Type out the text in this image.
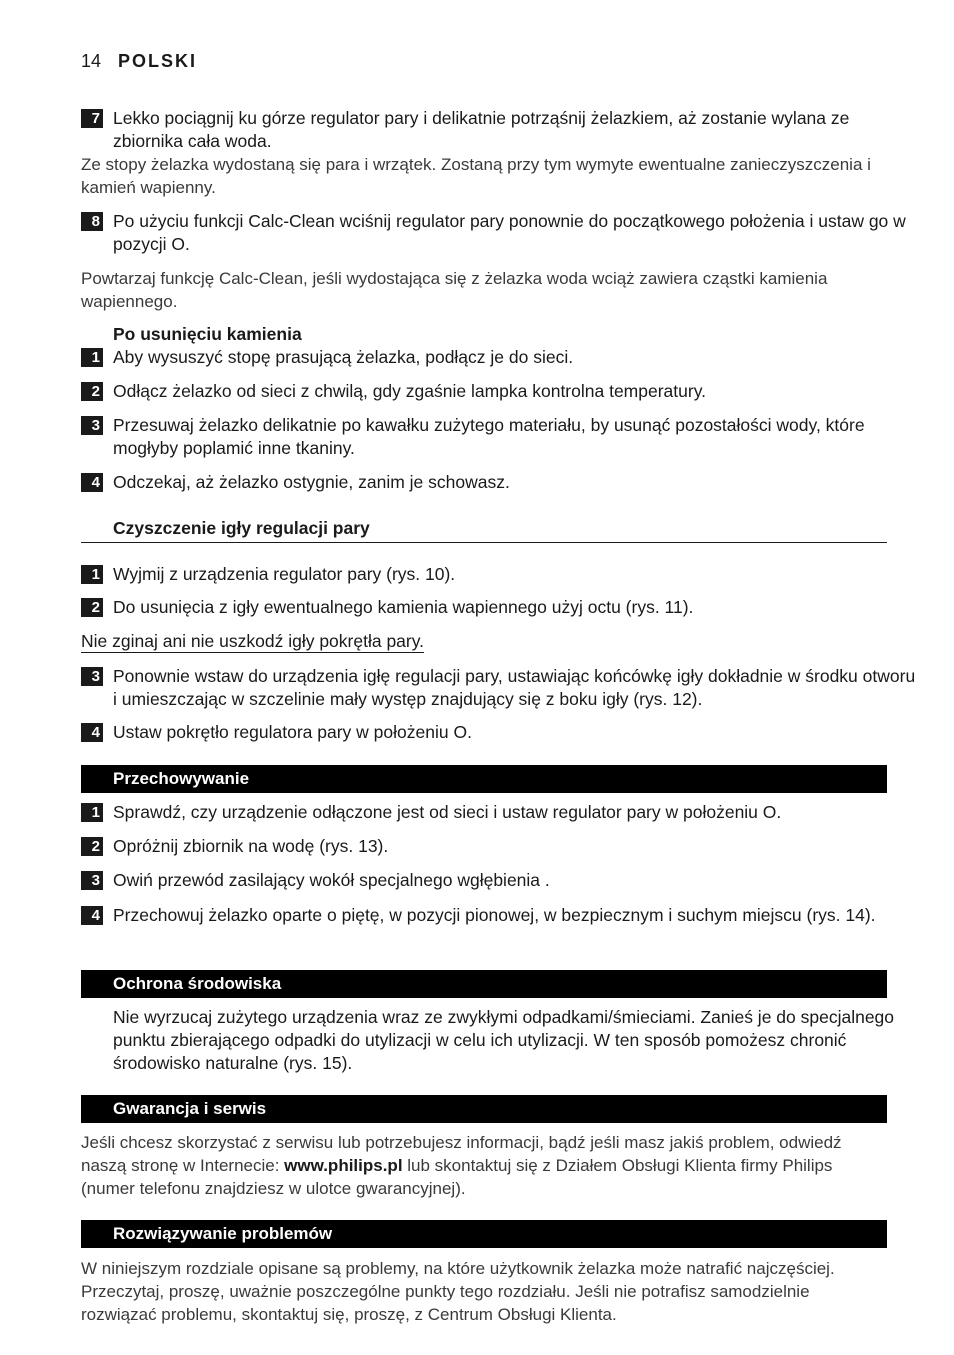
14 POLSKI
7 Lekko pociągnij ku górze regulator pary i delikatnie potrząśnij żelazkiem, aż zostanie wylana ze zbiornika cała woda.
Ze stopy żelazka wydostaną się para i wrzątek. Zostaną przy tym wymyte ewentualne zanieczyszczenia i kamień wapienny.
8 Po użyciu funkcji Calc-Clean wciśnij regulator pary ponownie do początkowego położenia i ustaw go w pozycji O.
Powtarzaj funkcję Calc-Clean, jeśli wydostająca się z żelazka woda wciąż zawiera cząstki kamienia wapiennego.
Po usunięciu kamienia
1 Aby wysuszyć stopę prasującą żelazka, podłącz je do sieci.
2 Odłącz żelazko od sieci z chwilą, gdy zgaśnie lampka kontrolna temperatury.
3 Przesuwaj żelazko delikatnie po kawałku zużytego materiału, by usunąć pozostałości wody, które mogłyby poplamić inne tkaniny.
4 Odczekaj, aż żelazko ostygnie, zanim je schowasz.
Czyszczenie igły regulacji pary
1 Wyjmij z urządzenia regulator pary (rys. 10).
2 Do usunięcia z igły ewentualnego kamienia wapiennego użyj octu (rys. 11).
Nie zginaj ani nie uszkodź igły pokrętła pary.
3 Ponownie wstaw do urządzenia igłę regulacji pary, ustawiając końcówkę igły dokładnie w środku otworu i umieszczając w szczelinie mały występ znajdujący się z boku igły (rys. 12).
4 Ustaw pokrętło regulatora pary w położeniu O.
Przechowywanie
1 Sprawdź, czy urządzenie odłączone jest od sieci i ustaw regulator pary w położeniu O.
2 Opróżnij zbiornik na wodę (rys. 13).
3 Owiń przewód zasilający wokół specjalnego wgłębienia .
4 Przechowuj żelazko oparte o piętę, w pozycji pionowej, w bezpiecznym i suchym miejscu (rys. 14).
Ochrona środowiska
Nie wyrzucaj zużytego urządzenia wraz ze zwykłymi odpadkami/śmieciami. Zanieś je do specjalnego punktu zbierającego odpadki do utylizacji w celu ich utylizacji. W ten sposób pomożesz chronić środowisko naturalne (rys. 15).
Gwarancja i serwis
Jeśli chcesz skorzystać z serwisu lub potrzebujesz informacji, bądź jeśli masz jakiś problem, odwiedź naszą stronę w Internecie: www.philips.pl lub skontaktuj się z Działem Obsługi Klienta firmy Philips (numer telefonu znajdziesz w ulotce gwarancyjnej).
Rozwiązywanie problemów
W niniejszym rozdziale opisane są problemy, na które użytkownik żelazka może natrafić najczęściej. Przeczytaj, proszę, uważnie poszczególne punkty tego rozdziału. Jeśli nie potrafisz samodzielnie rozwiązać problemu, skontaktuj się, proszę, z Centrum Obsługi Klienta.
